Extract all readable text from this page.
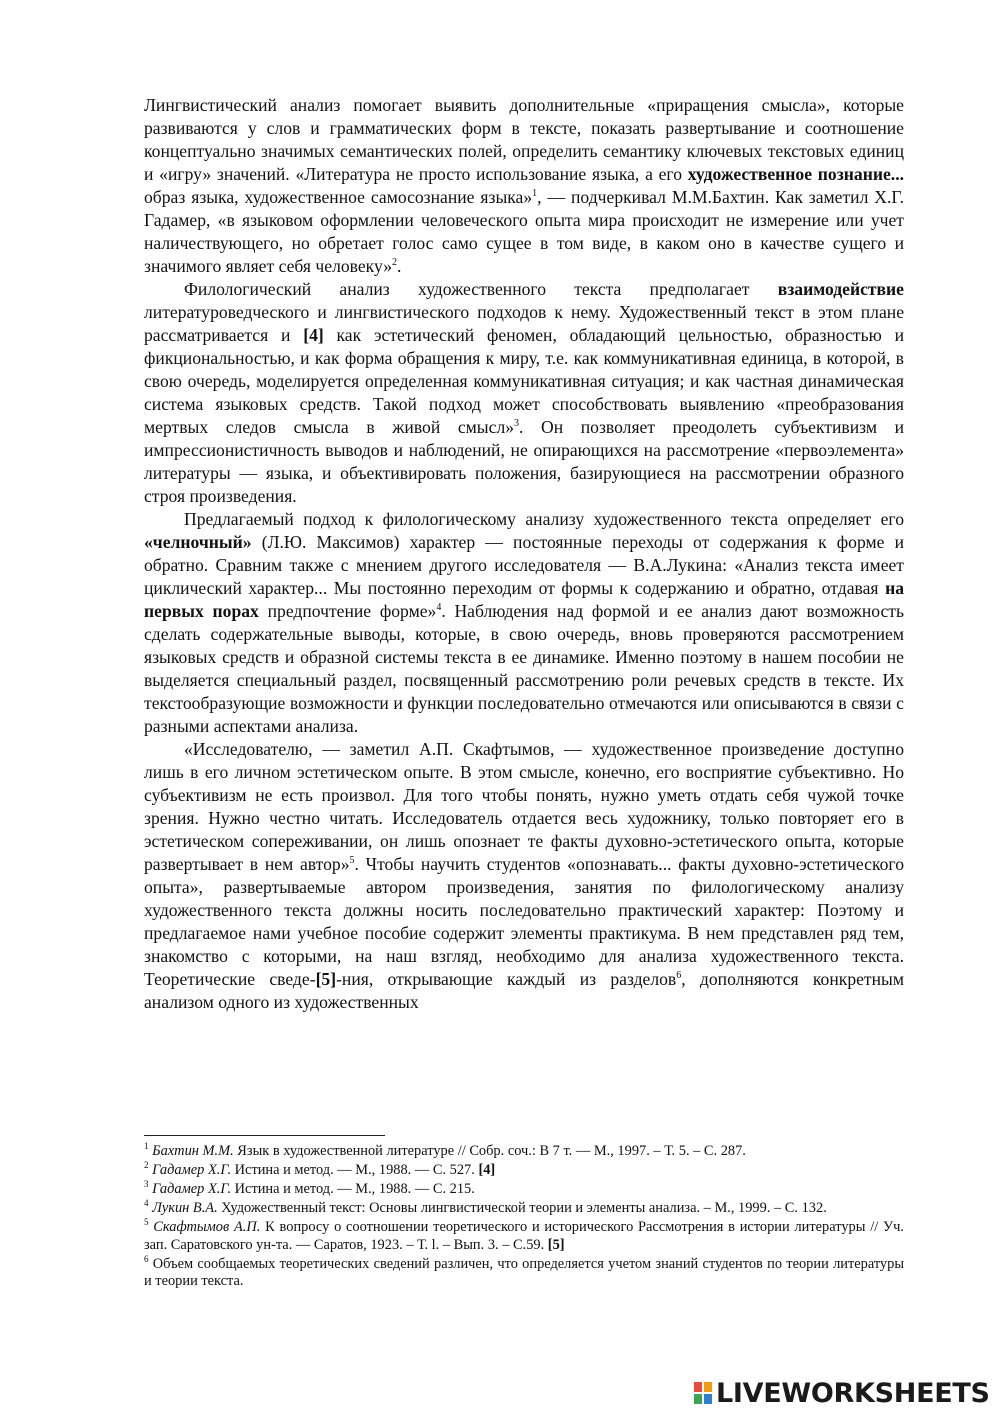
Лингвистический анализ помогает выявить дополнительные «приращения смысла», которые развиваются у слов и грамматических форм в тексте, показать развертывание и соотношение концептуально значимых семантических полей, определить семантику ключевых текстовых единиц и «игру» значений. «Литература не просто использование языка, а его художественное познание... образ языка, художественное самосознание языка»$^1$, — подчеркивал М.М.Бахтин. Как заметил Х.Г. Гадамер, «в языковом оформлении человеческого опыта мира происходит не измерение или учет наличествующего, но обретает голос само сущее в том виде, в каком оно в качестве сущего и значимого являет себя человеку»$^2$.

Филологический анализ художественного текста предполагает взаимодействие литературоведческого и лингвистического подходов к нему. Художественный текст в этом плане рассматривается и [4] как эстетический феномен, обладающий цельностью, образностью и фикциональностью, и как форма обращения к миру, т.е. как коммуникативная единица, в которой, в свою очередь, моделируется определенная коммуникативная ситуация; и как частная динамическая система языковых средств. Такой подход может способствовать выявлению «преобразования мертвых следов смысла в живой смысл»$^3$. Он позволяет преодолеть субъективизм и импрессионистичность выводов и наблюдений, не опирающихся на рассмотрение «первоэлемента» литературы — языка, и объективировать положения, базирующиеся на рассмотрении образного строя произведения.

Предлагаемый подход к филологическому анализу художественного текста определяет его «челночный» (Л.Ю. Максимов) характер — постоянные переходы от содержания к форме и обратно. Сравним также с мнением другого исследователя — В.А.Лукина: «Анализ текста имеет циклический характер... Мы постоянно переходим от формы к содержанию и обратно, отдавая на первых порах предпочтение форме»$^4$. Наблюдения над формой и ее анализ дают возможность сделать содержательные выводы, которые, в свою очередь, вновь проверяются рассмотрением языковых средств и образной системы текста в ее динамике. Именно поэтому в нашем пособии не выделяется специальный раздел, посвященный рассмотрению роли речевых средств в тексте. Их текстообразующие возможности и функции последовательно отмечаются или описываются в связи с разными аспектами анализа.

«Исследователю, — заметил А.П. Скафтымов, — художественное произведение доступно лишь в его личном эстетическом опыте. В этом смысле, конечно, его восприятие субъективно. Но субъективизм не есть произвол. Для того чтобы понять, нужно уметь отдать себя чужой точке зрения. Нужно честно читать. Исследователь отдается весь художнику, только повторяет его в эстетическом сопереживании, он лишь опознает те факты духовно-эстетического опыта, которые развертывает в нем автор»$^5$. Чтобы научить студентов «опознавать... факты духовно-эстетического опыта», развертываемые автором произведения, занятия по филологическому анализу художественного текста должны носить последовательно практический характер: Поэтому и предлагаемое нами учебное пособие содержит элементы практикума. В нем представлен ряд тем, знакомство с которыми, на наш взгляд, необходимо для анализа художественного текста. Теоретические сведе-[5]-ния, открывающие каждый из разделов$^6$, дополняются конкретным анализом одного из художественных

$^1$ Бахтин М.М. Язык в художественной литературе // Собр. соч.: В 7 т. — М., 1997. – Т. 5. – С. 287.

$^2$ Гадамер Х.Г. Истина и метод. — М., 1988. — С. 527. [4]

$^3$ Гадамер Х.Г. Истина и метод. — М., 1988. — С. 215.

$^4$ Лукин В.А. Художественный текст: Основы лингвистической теории и элементы анализа. – М., 1999. – С. 132.

$^5$ Скафтымов А.П. К вопросу о соотношении теоретического и исторического Рассмотрения в истории литературы // Уч. зап. Саратовского ун-та. — Саратов, 1923. – Т. l. – Вып. 3. – С.59. [5]

$^6$ Объем сообщаемых теоретических сведений различен, что определяется учетом знаний студентов по теории литературы и теории текста.

LIVEWORKSHEETS
